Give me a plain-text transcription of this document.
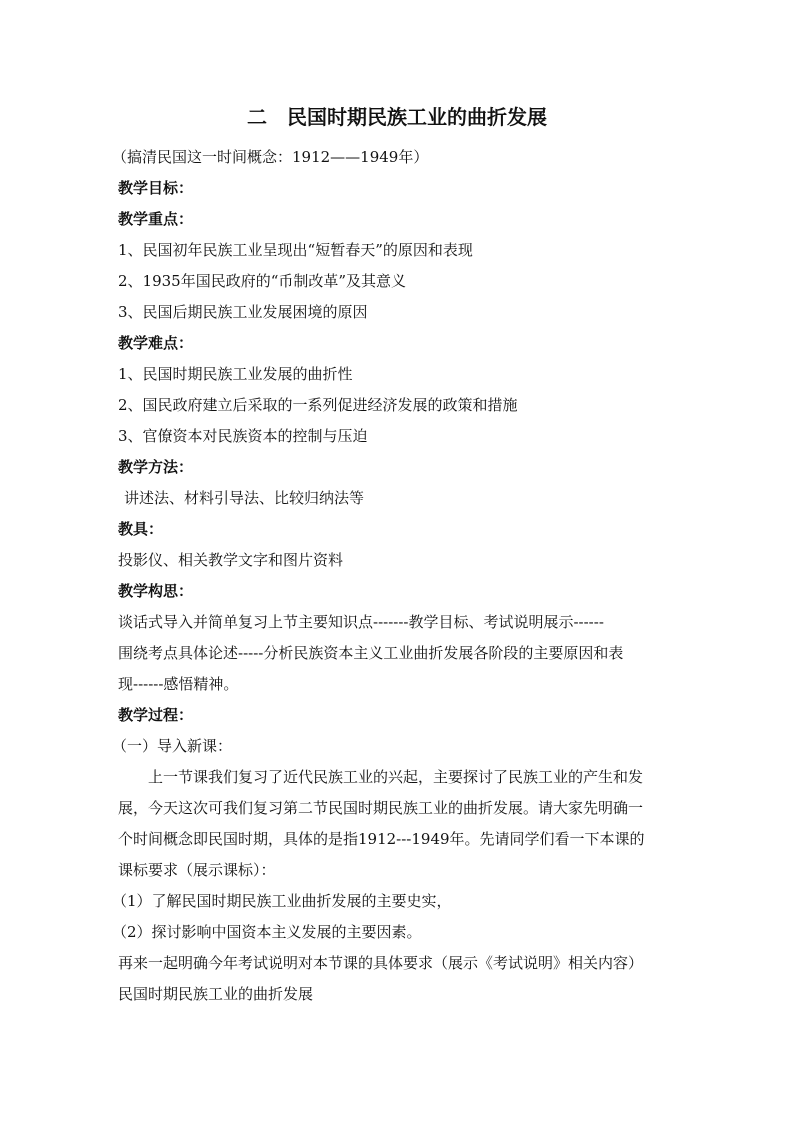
二　民国时期民族工业的曲折发展
（搞清民国这一时间概念：1912——1949年）
教学目标：
教学重点：
1、民国初年民族工业呈现出“短暂春天”的原因和表现
2、1935年国民政府的“币制改革”及其意义
3、民国后期民族工业发展困境的原因
教学难点：
1、民国时期民族工业发展的曲折性
2、国民政府建立后采取的一系列促进经济发展的政策和措施
3、官僚资本对民族资本的控制与压迫
教学方法：
讲述法、材料引导法、比较归纳法等
教具：
投影仪、相关教学文字和图片资料
教学构思：
谈话式导入并简单复习上节主要知识点-------教学目标、考试说明展示------
围绕考点具体论述-----分析民族资本主义工业曲折发展各阶段的主要原因和表
现------感悟精神。
教学过程：
（一）导入新课：
上一节课我们复习了近代民族工业的兴起，主要探讨了民族工业的产生和发
展，今天这次可我们复习第二节民国时期民族工业的曲折发展。请大家先明确一
个时间概念即民国时期，具体的是指1912---1949年。先请同学们看一下本课的
课标要求（展示课标）：
（1）了解民国时期民族工业曲折发展的主要史实，
（2）探讨影响中国资本主义发展的主要因素。
再来一起明确今年考试说明对本节课的具体要求（展示《考试说明》相关内容）
民国时期民族工业的曲折发展
